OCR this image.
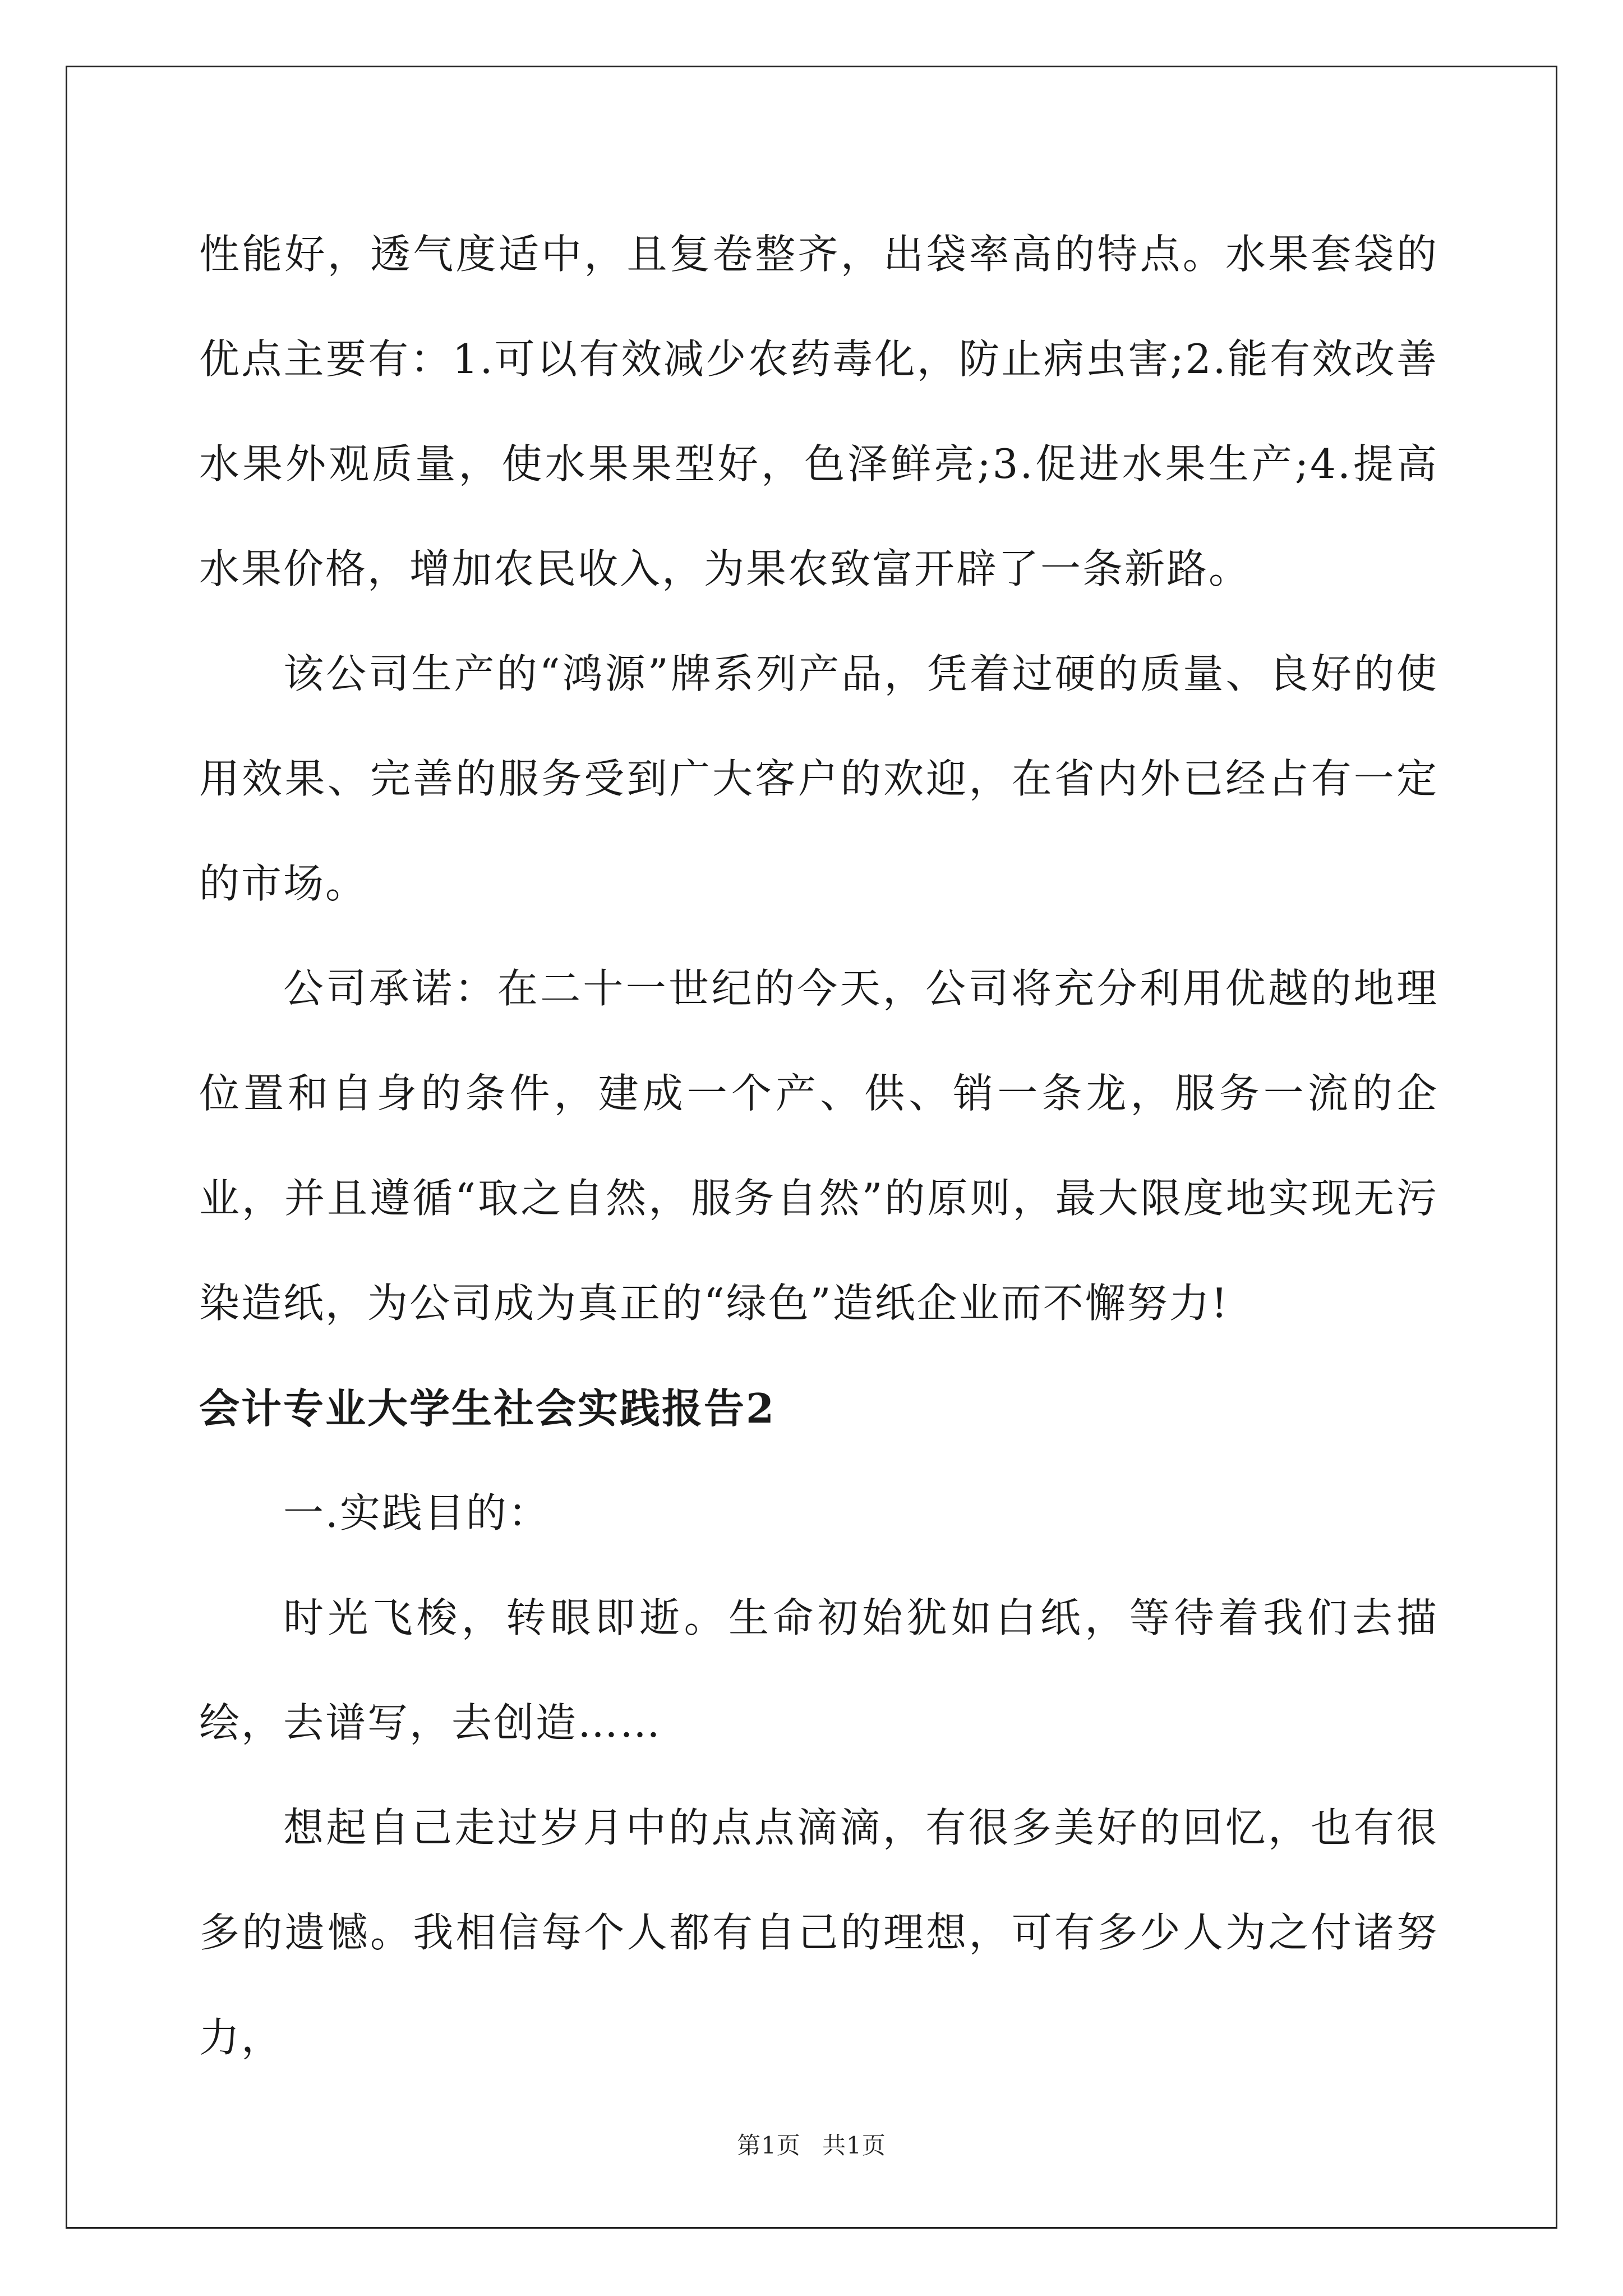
性能好，透气度适中，且复卷整齐，出袋率高的特点。水果套袋的优点主要有：1.可以有效减少农药毒化，防止病虫害;2.能有效改善水果外观质量，使水果果型好，色泽鲜亮;3.促进水果生产;4.提高水果价格，增加农民收入，为果农致富开辟了一条新路。

该公司生产的“鸿源”牌系列产品，凭着过硬的质量、良好的使用效果、完善的服务受到广大客户的欢迎，在省内外已经占有一定的市场。

公司承诺：在二十一世纪的今天，公司将充分利用优越的地理位置和自身的条件，建成一个产、供、销一条龙，服务一流的企业，并且遵循“取之自然，服务自然”的原则，最大限度地实现无污染造纸，为公司成为真正的“绿色”造纸企业而不懈努力!

会计专业大学生社会实践报告2

一.实践目的：

时光飞梭，转眼即逝。生命初始犹如白纸，等待着我们去描绘，去谱写，去创造……

想起自己走过岁月中的点点滴滴，有很多美好的回忆，也有很多的遗憾。我相信每个人都有自己的理想，可有多少人为之付诸努力，

第1页 共1页
